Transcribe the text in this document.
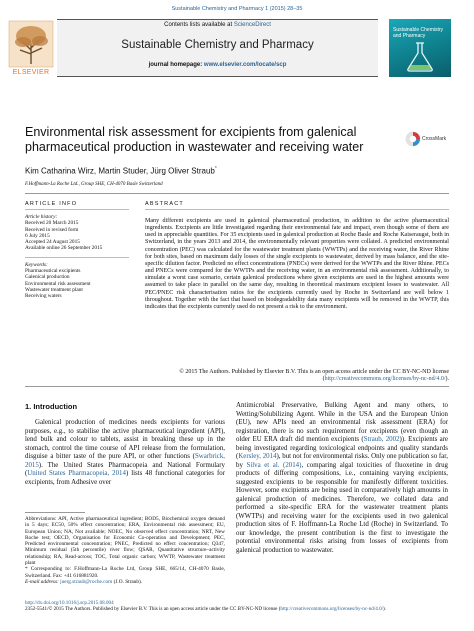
Sustainable Chemistry and Pharmacy 1 (2015) 28–35
ELSEVIER
Contents lists available at ScienceDirect
Sustainable Chemistry and Pharmacy
journal homepage: www.elsevier.com/locate/scp
Sustainable Chemistry and Pharmacy
Environmental risk assessment for excipients from galenical pharmaceutical production in wastewater and receiving water
CrossMark
Kim Catharina Wirz, Martin Studer, Jürg Oliver Straub*
F.Hoffmann-La Roche Ltd., Group SHE, CH-4070 Basle Switzerland
ARTICLE INFO	ABSTRACT
Article history:
Received 20 March 2015
Received in revised form
6 July 2015
Accepted 24 August 2015
Available online 26 September 2015
Keywords:
Pharmaceutical excipients
Galenical production
Environmental risk assessment
Wastewater treatment plant
Receiving waters
Many different excipients are used in galenical pharmaceutical production, in addition to the active pharmaceutical ingredients. Excipients are little investigated regarding their environmental fate and impact, even though some of them are used in appreciable quantities. For 35 excipients used in galenical production at Roche Basle and Roche Kaiseraugst, both in Switzerland, in the years 2013 and 2014, the environmentally relevant properties were collated. A predicted environmental concentration (PEC) was calculated for the wastewater treatment plants (WWTPs) and the receiving water, the River Rhine for both sites, based on maximum daily losses of the single excipients to wastewater, derived by mass balance, and the site-specific dilution factor. Predicted no effect concentrations (PNECs) were derived for the WWTPs and the River Rhine. PECs and PNECs were compared for the WWTPs and the receiving water, in an environmental risk assessment. Additionally, to simulate a worst case scenario, certain galenical productions where given excipients are used in the highest amounts were assumed to take place in parallel on the same day, resulting in theoretical maximum excipient losses to wastewater. All PEC/PNEC risk characterisation ratios for the excipients currently used by Roche in Switzerland are well below 1 throughout. Together with the fact that based on biodegradability data many excipients will be removed in the WWTP, this indicates that the excipients currently used do not present a risk to the environment.
© 2015 The Authors. Published by Elsevier B.V. This is an open access article under the CC BY-NC-ND license (http://creativecommons.org/licenses/by-nc-nd/4.0/).
1. Introduction
Galenical production of medicines needs excipients for various purposes, e.g., to stabilise the active pharmaceutical ingredient (API), lend bulk and colour to tablets, assist in breaking these up in the stomach, control the time course of API release from the formulation, disguise a bitter taste of the pure API, or other functions (Swarbrick, 2015). The United States Pharmacopeia and National Formulary (United States Pharmacopeia, 2014) lists 48 functional categories for excipients, from Adhesive over
Antimicrobial Preservative, Bulking Agent and many others, to Wetting/Solubilizing Agent. While in the USA and the European Union (EU), new APIs need an environmental risk assessment (ERA) for registration, there is no such requirement for excipients (even though an older EU ERA draft did mention excipients (Straub, 2002)). Excipients are being investigated regarding toxicological endpoints and quality standards (Kersley, 2014), but not for environmental risks. Only one publication so far, by Silva et al. (2014), comparing algal toxicities of fluoxetine in drug products of differing compositions, i.e., containing varying excipients, suggested excipients to be responsible for manifestly different toxicities. However, some excipients are being used in comparatively high amounts in galenical production of medicines. Therefore, we collated data and performed a site-specific ERA for the wastewater treatment plants (WWTPs) and receiving water for the excipients used in two galenical production sites of F. Hoffmann-La Roche Ltd (Roche) in Switzerland. To our knowledge, the present contribution is the first to investigate the potential environmental risks arising from losses of excipients from galenical production to wastewater.
Abbreviations: API, Active pharmaceutical ingredient; BOD5, Biochemical oxygen demand in 5 days; EC50, 50% effect concentration; ERA, Environmental risk assessment; EU, European Union; NA, Not available; NOEC, No observed effect concentration; NRT, New Roche test; OECD, Organisation for Economic Co-operation and Development; PEC, Predicted environmental concentration; PNEC, Predicted no effect concentration; Q347, Minimum residual (5th percentile) river flow; QSAR, Quantitative structure–activity relationship; RA, Read-across; TOC, Total organic carbon; WWTP, Wastewater treatment plant
* Corresponding to: F.Hoffmann-La Roche Ltd, Group SHE, 665/14, CH-4070 Basle, Switzerland. Fax: +41 616881920.
E-mail address: juerg.straub@roche.com (J.O. Straub).
http://dx.doi.org/10.1016/j.scp.2015.08.004
2352-5541/© 2015 The Authors. Published by Elsevier B.V. This is an open access article under the CC BY-NC-ND license (http://creativecommons.org/licenses/by-nc-nd/4.0/).
